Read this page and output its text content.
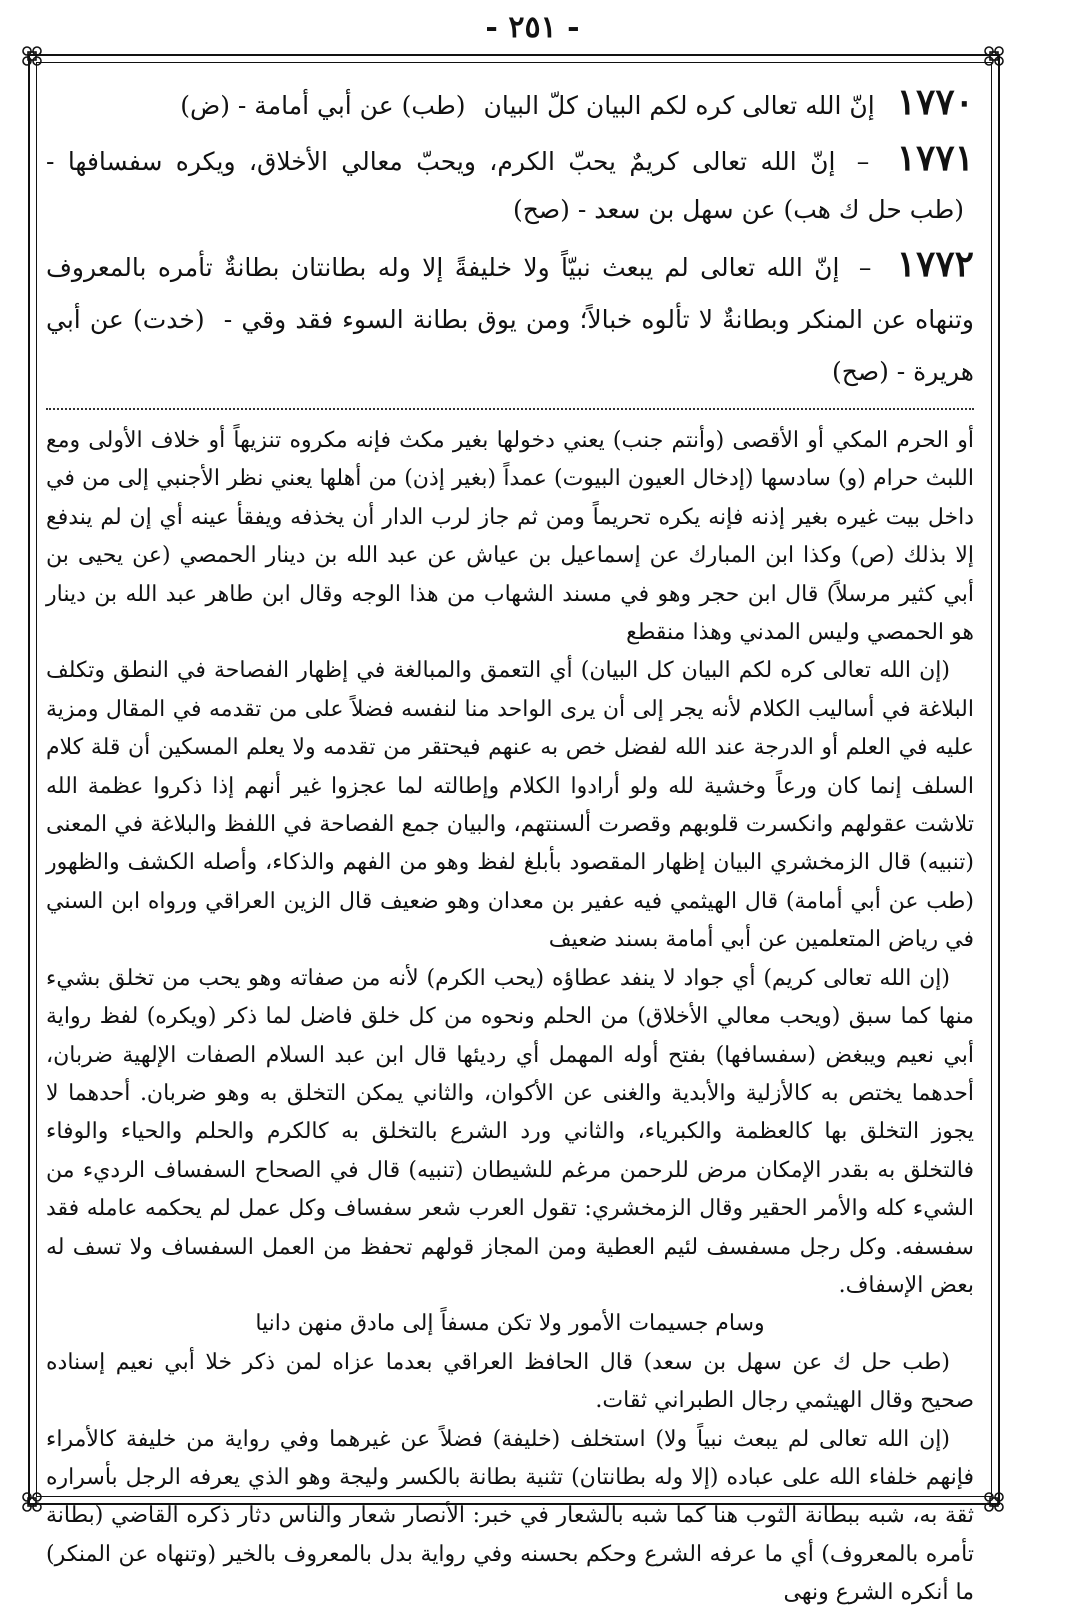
- ٢٥١ -
١٧٧٠ إنّ الله تعالى كره لكم البيان كلّ البيان (طب) عن أبي أمامة - (ض)
١٧٧١ – إنّ الله تعالى كريمٌ يحبّ الكرم، ويحبّ معالي الأخلاق، ويكره سفسافها - (طب حل ك هب) عن سهل بن سعد - (صح)
١٧٧٢ – إنّ الله تعالى لم يبعث نبيّاً ولا خليفةً إلا وله بطانتان بطانةٌ تأمره بالمعروف وتنهاه عن المنكر وبطانةٌ لا تألوه خبالاً؛ ومن يوق بطانة السوء فقد وقي - (خدت) عن أبي هريرة - (صح)

أو الحرم المكي أو الأقصى (وأنتم جنب) يعني دخولها بغير مكث فإنه مكروه تنزيهاً أو خلاف الأولى ومع اللبث حرام (و) سادسها (إدخال العيون البيوت) عمداً (بغير إذن) من أهلها يعني نظر الأجنبي إلى من في داخل بيت غيره بغير إذنه فإنه يكره تحريماً ومن ثم جاز لرب الدار أن يخذفه ويفقأ عينه أي إن لم يندفع إلا بذلك (ص) وكذا ابن المبارك عن إسماعيل بن عياش عن عبد الله بن دينار الحمصي (عن يحيى بن أبي كثير مرسلاً) قال ابن حجر وهو في مسند الشهاب من هذا الوجه وقال ابن طاهر عبد الله بن دينار هو الحمصي وليس المدني وهذا منقطع

(إن الله تعالى كره لكم البيان كل البيان) أي التعمق والمبالغة في إظهار الفصاحة في النطق وتكلف البلاغة في أساليب الكلام لأنه يجر إلى أن يرى الواحد منا لنفسه فضلاً على من تقدمه في المقال ومزية عليه في العلم أو الدرجة عند الله لفضل خص به عنهم فيحتقر من تقدمه ولا يعلم المسكين أن قلة كلام السلف إنما كان ورعاً وخشية لله ولو أرادوا الكلام وإطالته لما عجزوا غير أنهم إذا ذكروا عظمة الله تلاشت عقولهم وانكسرت قلوبهم وقصرت ألسنتهم، والبيان جمع الفصاحة في اللفظ والبلاغة في المعنى (تنبيه) قال الزمخشري البيان إظهار المقصود بأبلغ لفظ وهو من الفهم والذكاء، وأصله الكشف والظهور (طب عن أبي أمامة) قال الهيثمي فيه عفير بن معدان وهو ضعيف قال الزين العراقي ورواه ابن السني في رياض المتعلمين عن أبي أمامة بسند ضعيف

(إن الله تعالى كريم) أي جواد لا ينفد عطاؤه (يحب الكرم) لأنه من صفاته وهو يحب من تخلق بشيء منها كما سبق (ويحب معالي الأخلاق) من الحلم ونحوه من كل خلق فاضل لما ذكر (ويكره) لفظ رواية أبي نعيم ويبغض (سفسافها) بفتح أوله المهمل أي رديئها قال ابن عبد السلام الصفات الإلهية ضربان، أحدهما يختص به كالأزلية والأبدية والغنى عن الأكوان، والثاني يمكن التخلق به وهو ضربان. أحدهما لا يجوز التخلق بها كالعظمة والكبرياء، والثاني ورد الشرع بالتخلق به كالكرم والحلم والحياء والوفاء فالتخلق به بقدر الإمكان مرض للرحمن مرغم للشيطان (تنبيه) قال في الصحاح السفساف الرديء من الشيء كله والأمر الحقير وقال الزمخشري: تقول العرب شعر سفساف وكل عمل لم يحكمه عامله فقد سفسفه. وكل رجل مسفسف لئيم العطية ومن المجاز قولهم تحفظ من العمل السفساف ولا تسف له بعض الإسفاف.

وسام جسيمات الأمور ولا تكن مسفاً إلى مادق منهن دانيا

(طب حل ك عن سهل بن سعد) قال الحافظ العراقي بعدما عزاه لمن ذكر خلا أبي نعيم إسناده صحيح وقال الهيثمي رجال الطبراني ثقات.

(إن الله تعالى لم يبعث نبياً ولا) استخلف (خليفة) فضلاً عن غيرهما وفي رواية من خليفة كالأمراء فإنهم خلفاء الله على عباده (إلا وله بطانتان) تثنية بطانة بالكسر وليجة وهو الذي يعرفه الرجل بأسراره ثقة به، شبه ببطانة الثوب هنا كما شبه بالشعار في خبر: الأنصار شعار والناس دثار ذكره القاضي (بطانة تأمره بالمعروف) أي ما عرفه الشرع وحكم بحسنه وفي رواية بدل بالمعروف بالخير (وتنهاه عن المنكر) ما أنكره الشرع ونهى
